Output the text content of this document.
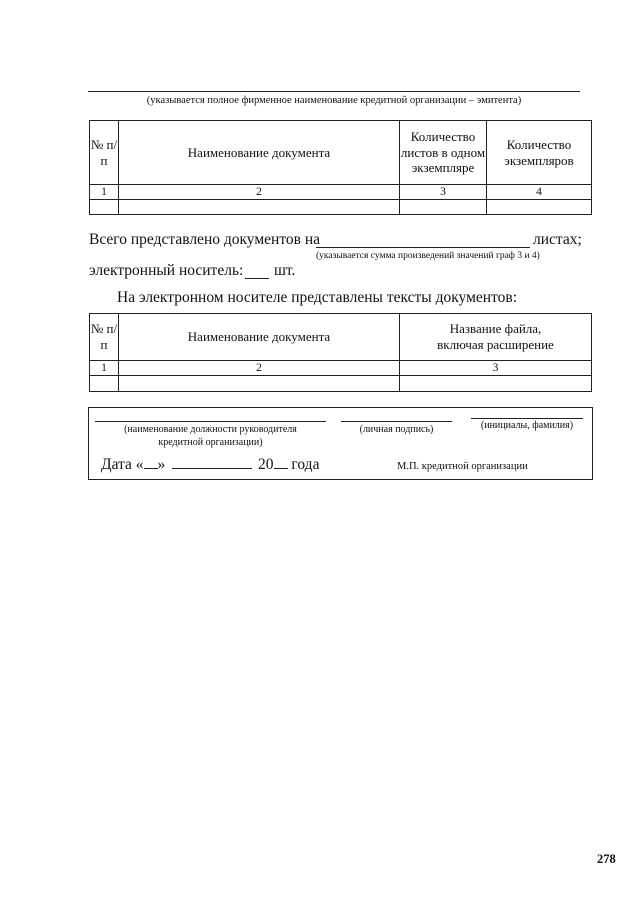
(указывается полное фирменное наименование кредитной организации – эмитента)
№ п/п	Наименование документа	Количество листов в одном экземпляре	Количество экземпляров
1	2	3	4

Всего представлено документов на	листах;
(указывается сумма произведений значений граф 3 и 4)
электронный носитель: шт.
На электронном носителе представлены тексты документов:
№ п/п	Наименование документа	Название файла, включая расширение
1	2	3

(наименование должности руководителя
кредитной организации)
(личная подпись)	(инициалы, фамилия)
Дата « »	20 года	М.П. кредитной организации
278
